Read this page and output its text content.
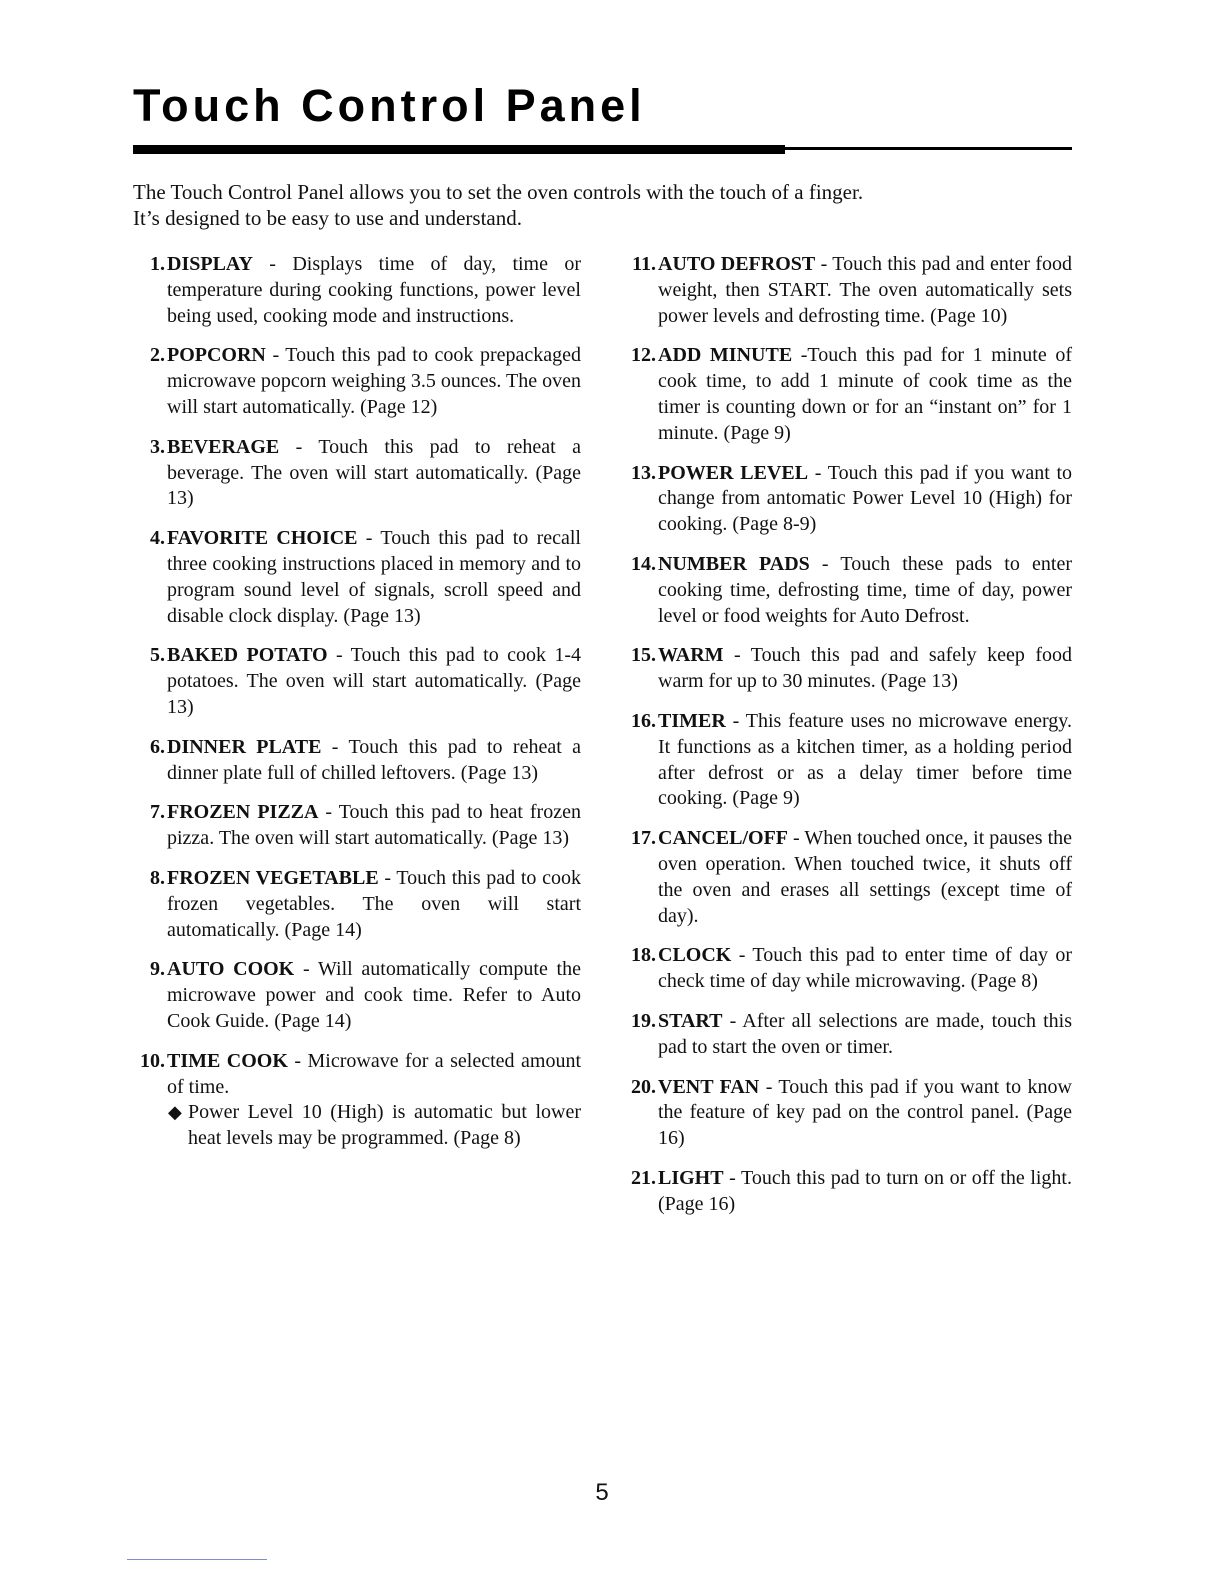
Touch Control Panel

The Touch Control Panel allows you to set the oven controls with the touch of a finger.

It’s designed to be easy to use and understand.

1. DISPLAY - Displays time of day, time or temperature during cooking functions, power level being used, cooking mode and instructions.
2. POPCORN - Touch this pad to cook prepackaged microwave popcorn weighing 3.5 ounces. The oven will start automatically. (Page 12)
3. BEVERAGE - Touch this pad to reheat a beverage. The oven will start automatically. (Page 13)
4. FAVORITE CHOICE - Touch this pad to recall three cooking instructions placed in memory and to program sound level of signals, scroll speed and disable clock display. (Page 13)
5. BAKED POTATO - Touch this pad to cook 1-4 potatoes. The oven will start automatically. (Page 13)
6. DINNER PLATE - Touch this pad to reheat a dinner plate full of chilled leftovers. (Page 13)
7. FROZEN PIZZA - Touch this pad to heat frozen pizza. The oven will start automatically. (Page 13)
8. FROZEN VEGETABLE - Touch this pad to cook frozen vegetables. The oven will start automatically. (Page 14)
9. AUTO COOK - Will automatically compute the microwave power and cook time. Refer to Auto Cook Guide. (Page 14)
10. TIME COOK - Microwave for a selected amount of time.
◆ Power Level 10 (High) is automatic but lower heat levels may be programmed. (Page 8)
11. AUTO DEFROST - Touch this pad and enter food weight, then START. The oven automatically sets power levels and defrosting time. (Page 10)
12. ADD MINUTE -Touch this pad for 1 minute of cook time, to add 1 minute of cook time as the timer is counting down or for an “instant on” for 1 minute. (Page 9)
13. POWER LEVEL - Touch this pad if you want to change from antomatic Power Level 10 (High) for cooking. (Page 8-9)
14. NUMBER PADS - Touch these pads to enter cooking time, defrosting time, time of day, power level or food weights for Auto Defrost.
15. WARM - Touch this pad and safely keep food warm for up to 30 minutes. (Page 13)
16. TIMER - This feature uses no microwave energy. It functions as a kitchen timer, as a holding period after defrost or as a delay timer before time cooking. (Page 9)
17. CANCEL/OFF - When touched once, it pauses the oven operation. When touched twice, it shuts off the oven and erases all settings (except time of day).
18. CLOCK - Touch this pad to enter time of day or check time of day while microwaving. (Page 8)
19. START - After all selections are made, touch this pad to start the oven or timer.
20. VENT FAN - Touch this pad if you want to know the feature of key pad on the control panel. (Page 16)
21. LIGHT - Touch this pad to turn on or off the light. (Page 16)
5
